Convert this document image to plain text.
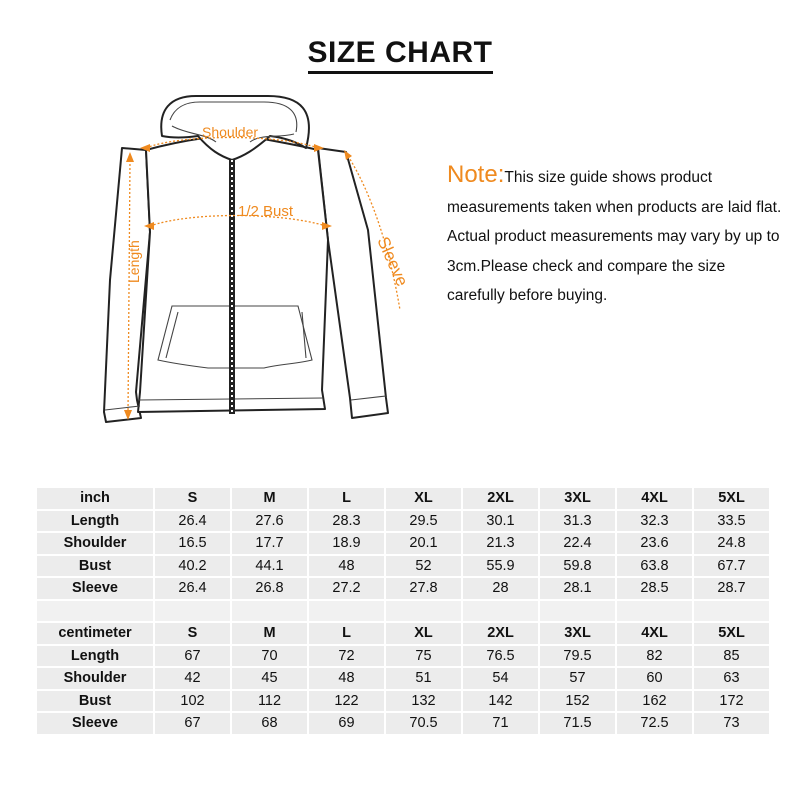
SIZE CHART
Shoulder
1/2 Bust
Length	Sleeve
Note:This size guide shows product measurements taken when products are laid flat. Actual product measurements may vary by up to 3cm.Please check and compare the size carefully before buying.
inch	S	M	L	XL	2XL	3XL	4XL	5XL
Length	26.4	27.6	28.3	29.5	30.1	31.3	32.3	33.5
Shoulder	16.5	17.7	18.9	20.1	21.3	22.4	23.6	24.8
Bust	40.2	44.1	48	52	55.9	59.8	63.8	67.7
Sleeve	26.4	26.8	27.2	27.8	28	28.1	28.5	28.7

centimeter	S	M	L	XL	2XL	3XL	4XL	5XL
Length	67	70	72	75	76.5	79.5	82	85
Shoulder	42	45	48	51	54	57	60	63
Bust	102	112	122	132	142	152	162	172
Sleeve	67	68	69	70.5	71	71.5	72.5	73
